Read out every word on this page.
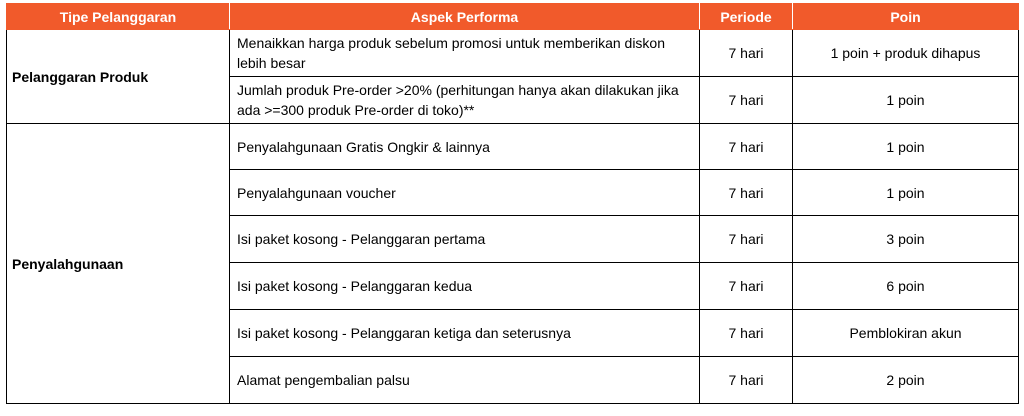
Tipe Pelanggaran	Aspek Performa	Periode	Poin
Pelanggaran Produk	Menaikkan harga produk sebelum promosi untuk memberikan diskon lebih besar	7 hari	1 poin + produk dihapus
	Jumlah produk Pre-order >20% (perhitungan hanya akan dilakukan jika ada >=300 produk Pre-order di toko)**	7 hari	1 poin
Penyalahgunaan	Penyalahgunaan Gratis Ongkir & lainnya	7 hari	1 poin
	Penyalahgunaan voucher	7 hari	1 poin
	Isi paket kosong - Pelanggaran pertama	7 hari	3 poin
	Isi paket kosong - Pelanggaran kedua	7 hari	6 poin
	Isi paket kosong - Pelanggaran ketiga dan seterusnya	7 hari	Pemblokiran akun
	Alamat pengembalian palsu	7 hari	2 poin
